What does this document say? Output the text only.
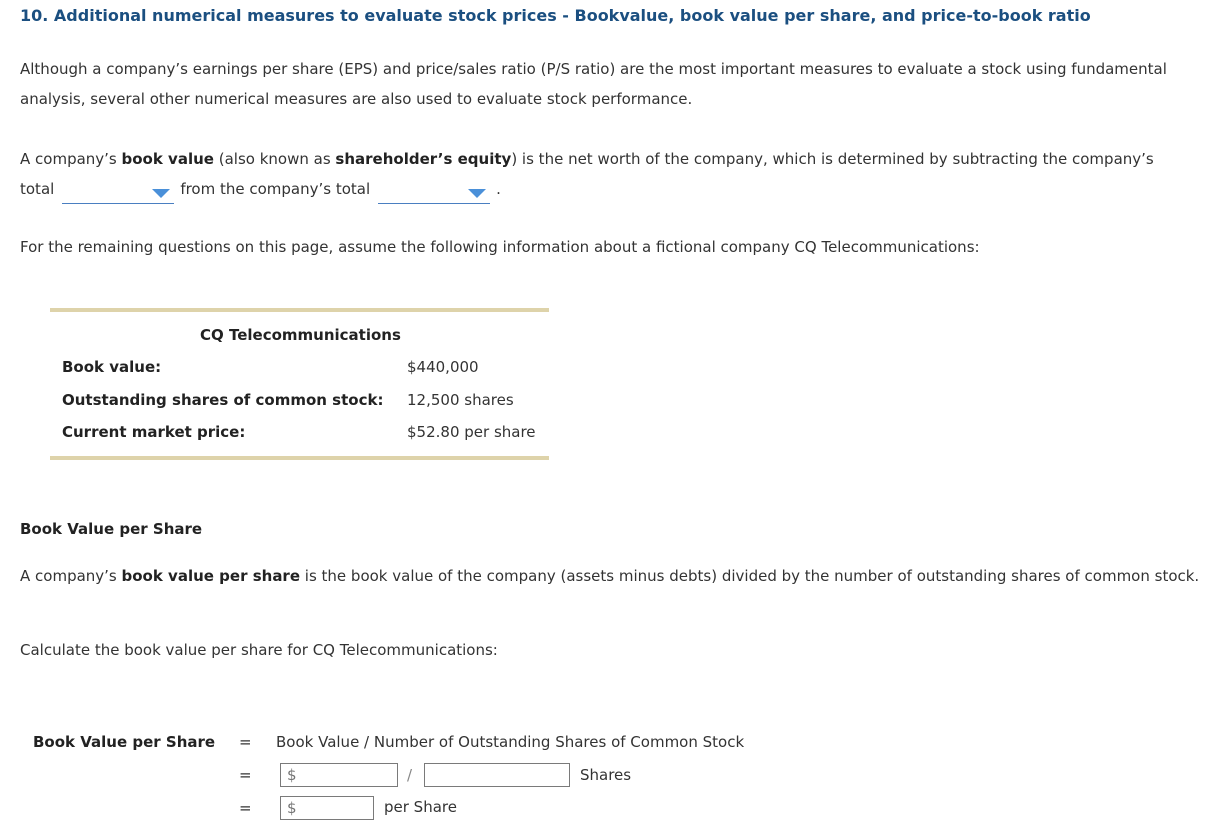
10. Additional numerical measures to evaluate stock prices - Bookvalue, book value per share, and price-to-book ratio
Although a company’s earnings per share (EPS) and price/sales ratio (P/S ratio) are the most important measures to evaluate a stock using fundamental analysis, several other numerical measures are also used to evaluate stock performance.
A company’s book value (also known as shareholder’s equity) is the net worth of the company, which is determined by subtracting the company’s
total	from the company’s total	.
For the remaining questions on this page, assume the following information about a fictional company CQ Telecommunications:
CQ Telecommunications
Book value:	$440,000
Outstanding shares of common stock: 12,500 shares
Current market price:	$52.80 per share
Book Value per Share
A company’s book value per share is the book value of the company (assets minus debts) divided by the number of outstanding shares of common stock.
Calculate the book value per share for CQ Telecommunications:
Book Value per Share = Book Value / Number of Outstanding Shares of Common Stock
=
$	/	Shares
=
$	per Share
